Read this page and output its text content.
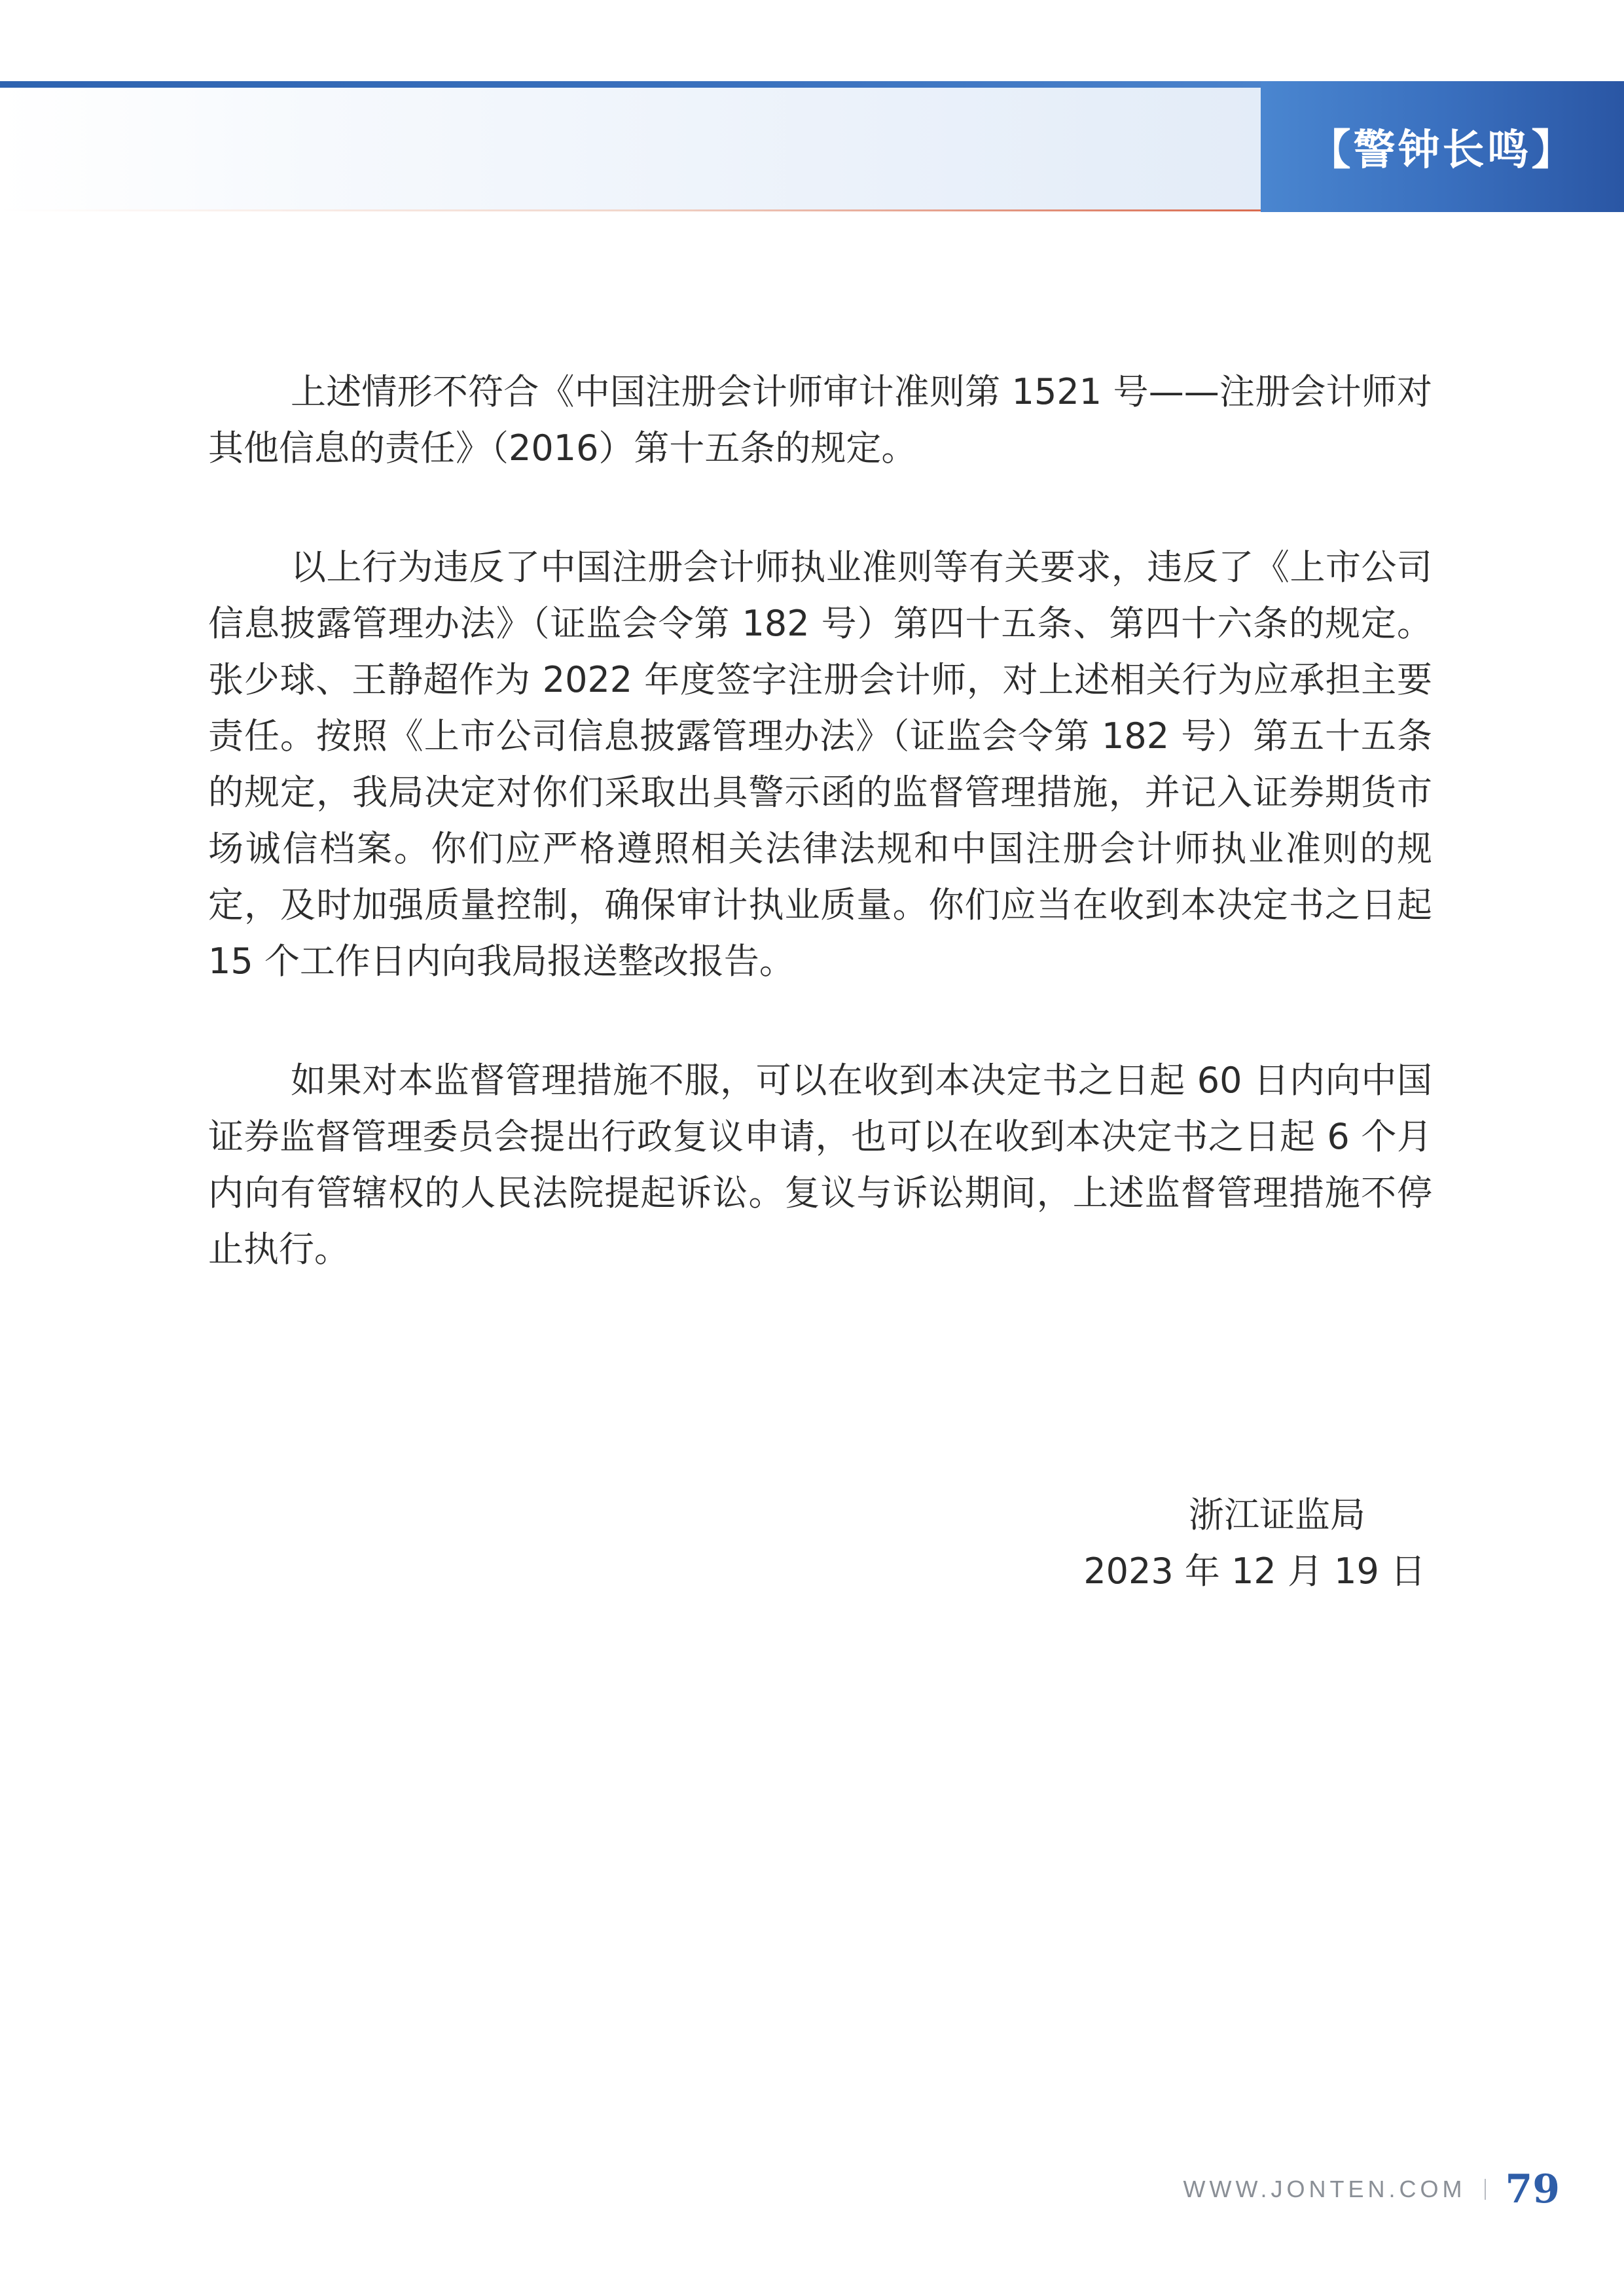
【警钟长鸣】

上述情形不符合《中国注册会计师审计准则第 1521 号——注册会计师对其他信息的责任》（2016）第十五条的规定。

以上行为违反了中国注册会计师执业准则等有关要求，违反了《上市公司信息披露管理办法》（证监会令第 182 号）第四十五条、第四十六条的规定。张少球、王静超作为 2022 年度签字注册会计师，对上述相关行为应承担主要责任。按照《上市公司信息披露管理办法》（证监会令第 182 号）第五十五条的规定，我局决定对你们采取出具警示函的监督管理措施，并记入证券期货市场诚信档案。你们应严格遵照相关法律法规和中国注册会计师执业准则的规定，及时加强质量控制，确保审计执业质量。你们应当在收到本决定书之日起 15 个工作日内向我局报送整改报告。

如果对本监督管理措施不服，可以在收到本决定书之日起 60 日内向中国证券监督管理委员会提出行政复议申请，也可以在收到本决定书之日起 6 个月内向有管辖权的人民法院提起诉讼。复议与诉讼期间，上述监督管理措施不停止执行。

浙江证监局
2023 年 12 月 19 日
WWW.JONTEN.COM 79
